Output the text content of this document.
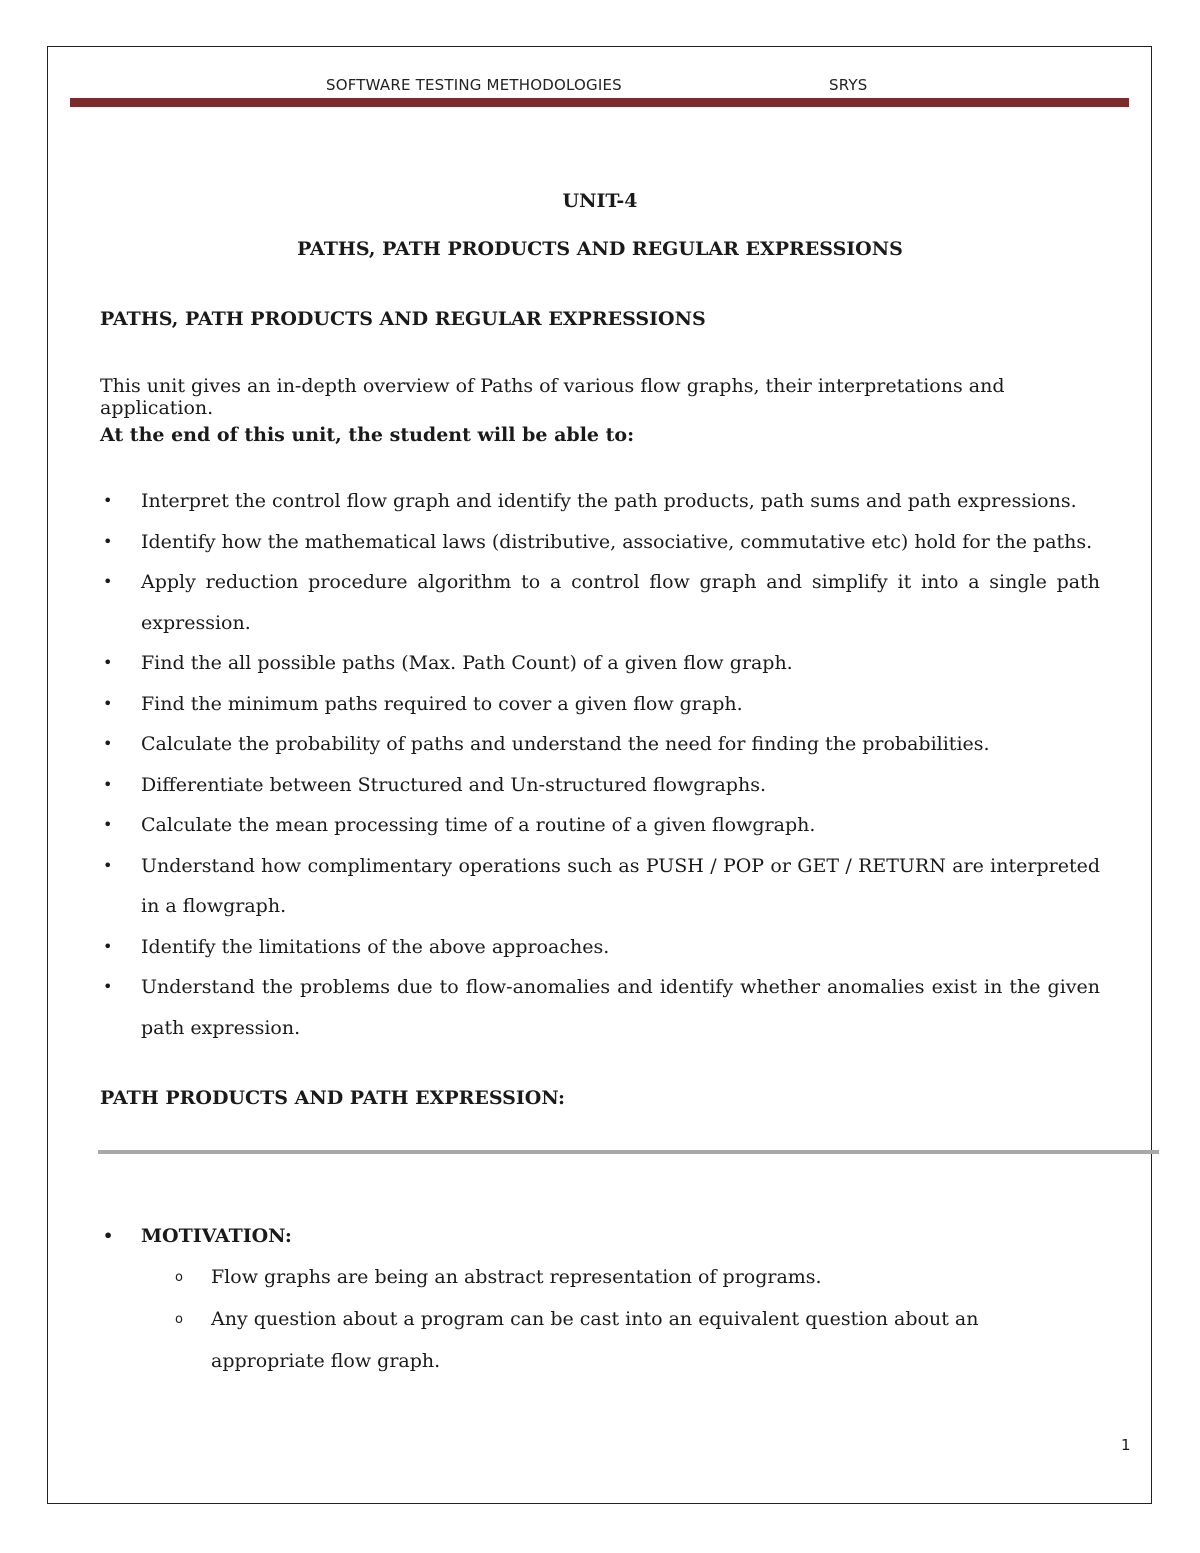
SOFTWARE TESTING METHODOLOGIES	SRYS
UNIT-4
PATHS, PATH PRODUCTS AND REGULAR EXPRESSIONS
PATHS, PATH PRODUCTS AND REGULAR EXPRESSIONS
This unit gives an in-depth overview of Paths of various flow graphs, their interpretations and application.
At the end of this unit, the student will be able to:
• Interpret the control flow graph and identify the path products, path sums and path expressions.
• Identify how the mathematical laws (distributive, associative, commutative etc) hold for the paths.
• Apply reduction procedure algorithm to a control flow graph and simplify it into a single path expression.
• Find the all possible paths (Max. Path Count) of a given flow graph.
• Find the minimum paths required to cover a given flow graph.
• Calculate the probability of paths and understand the need for finding the probabilities.
• Differentiate between Structured and Un-structured flowgraphs.
• Calculate the mean processing time of a routine of a given flowgraph.
• Understand how complimentary operations such as PUSH / POP or GET / RETURN are interpreted in a flowgraph.
• Identify the limitations of the above approaches.
• Understand the problems due to flow-anomalies and identify whether anomalies exist in the given path expression.
PATH PRODUCTS AND PATH EXPRESSION:
• MOTIVATION:
o Flow graphs are being an abstract representation of programs.
o Any question about a program can be cast into an equivalent question about an appropriate flow graph.
1
